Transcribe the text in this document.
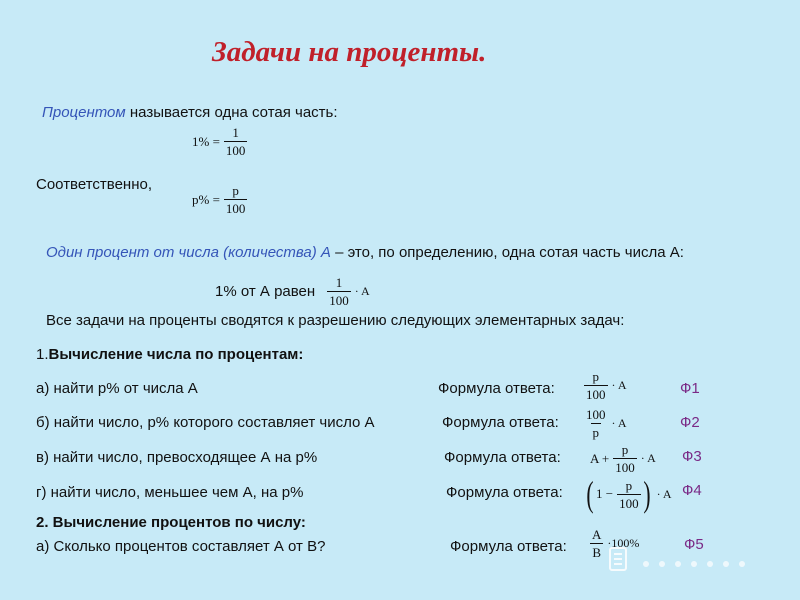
Задачи на проценты.
Процентом называется одна сотая часть:
$1\% = \frac{1}{100}$
Соответственно,
$p\% = \frac{p}{100}$
Один процент от числа (количества) А – это, по определению, одна сотая часть числа А:
1% от А равен $\frac{1}{100} \cdot A$
Все задачи на проценты сводятся к разрешению следующих элементарных задач:
1.Вычисление числа по процентам:
а) найти р% от числа А	Формула ответа: $\frac{p}{100} \cdot A$	Ф1
б) найти число, р% которого составляет число А	Формула ответа: $\frac{100}{p} \cdot A$	Ф2
в) найти число, превосходящее А на р%	Формула ответа: $A + \frac{p}{100} \cdot A$ Ф3
г) найти число, меньшее чем А, на р%	Формула ответа: ( $1 - \frac{p}{100}$ ) · A Ф4
2. Вычисление процентов по числу:
а) Сколько процентов составляет А от В?	Формула ответа: $\frac{A}{B} \cdot 100\%$	Ф5
